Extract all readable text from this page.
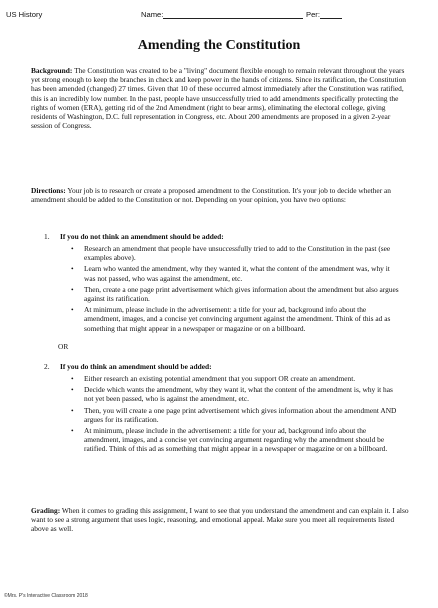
US History	Name:	Per:
Amending the Constitution

Background: The Constitution was created to be a "living" document flexible enough to remain relevant throughout the years yet strong enough to keep the branches in check and keep power in the hands of citizens. Since its ratification, the Constitution has been amended (changed) 27 times. Given that 10 of these occurred almost immediately after the Constitution was ratified, this is an incredibly low number. In the past, people have unsuccessfully tried to add amendments specifically protecting the rights of women (ERA), getting rid of the 2nd Amendment (right to bear arms), eliminating the electoral college, giving residents of Washington, D.C. full representation in Congress, etc. About 200 amendments are proposed in a given 2-year session of Congress.

Directions: Your job is to research or create a proposed amendment to the Constitution. It's your job to decide whether an amendment should be added to the Constitution or not. Depending on your opinion, you have two options:

1. If you do not think an amendment should be added:
• Research an amendment that people have unsuccessfully tried to add to the Constitution in the past (see examples above).
• Learn who wanted the amendment, why they wanted it, what the content of the amendment was, why it was not passed, who was against the amendment, etc.
• Then, create a one page print advertisement which gives information about the amendment but also argues against its ratification.
• At minimum, please include in the advertisement: a title for your ad, background info about the amendment, images, and a concise yet convincing argument against the amendment. Think of this ad as something that might appear in a newspaper or magazine or on a billboard.
OR
2. If you do think an amendment should be added:
• Either research an existing potential amendment that you support OR create an amendment.
• Decide which wants the amendment, why they want it, what the content of the amendment is, why it has not yet been passed, who is against the amendment, etc.
• Then, you will create a one page print advertisement which gives information about the amendment AND argues for its ratification.
• At minimum, please include in the advertisement: a title for your ad, background info about the amendment, images, and a concise yet convincing argument regarding why the amendment should be ratified. Think of this ad as something that might appear in a newspaper or magazine or on a billboard.

Grading: When it comes to grading this assignment, I want to see that you understand the amendment and can explain it. I also want to see a strong argument that uses logic, reasoning, and emotional appeal. Make sure you meet all requirements listed above as well.

©Mrs. P's Interactive Classroom 2018
